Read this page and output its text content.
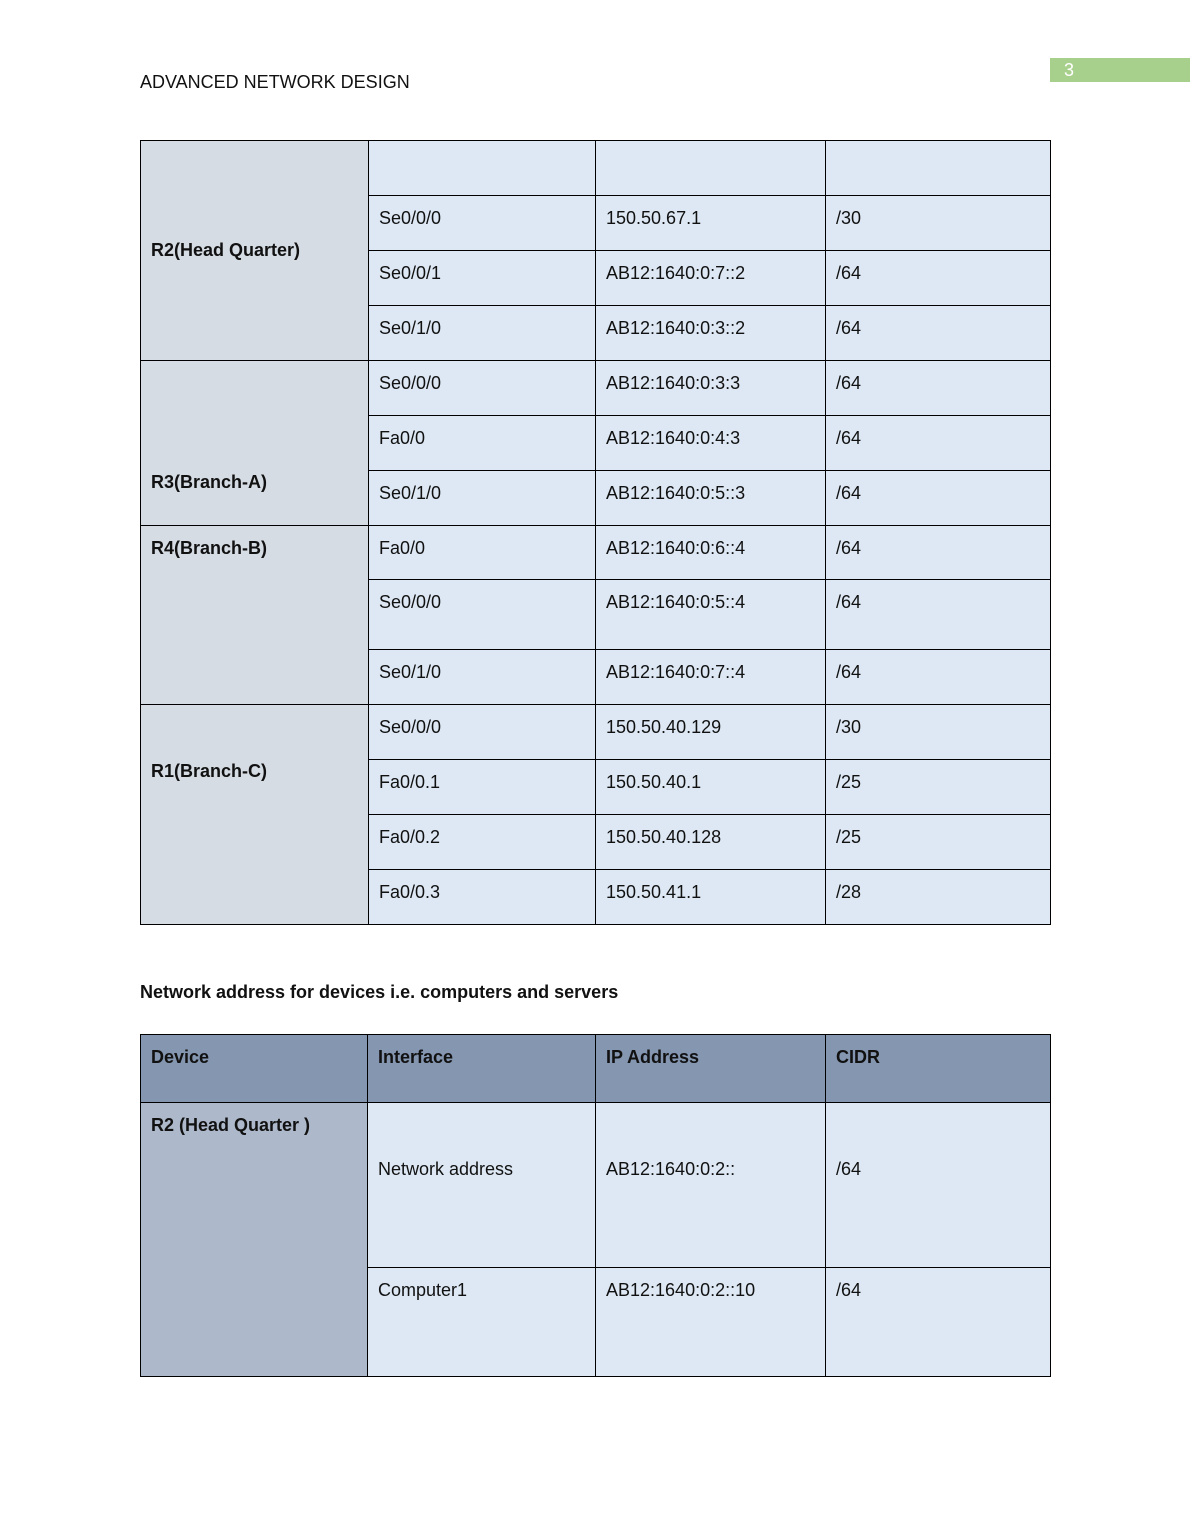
ADVANCED NETWORK DESIGN
3
R2(Head Quarter)			
	Se0/0/0	150.50.67.1	/30
	Se0/0/1	AB12:1640:0:7::2	/64
	Se0/1/0	AB12:1640:0:3::2	/64
R3(Branch-A)	Se0/0/0	AB12:1640:0:3:3	/64
	Fa0/0	AB12:1640:0:4:3	/64
	Se0/1/0	AB12:1640:0:5::3	/64
R4(Branch-B)	Fa0/0	AB12:1640:0:6::4	/64
	Se0/0/0	AB12:1640:0:5::4	/64
	Se0/1/0	AB12:1640:0:7::4	/64
R1(Branch-C)	Se0/0/0	150.50.40.129	/30
	Fa0/0.1	150.50.40.1	/25
	Fa0/0.2	150.50.40.128	/25
	Fa0/0.3	150.50.41.1	/28
Network address for devices i.e. computers and servers
Device	Interface	IP Address	CIDR
R2 (Head Quarter )	Network address	AB12:1640:0:2::	/64
	Computer1	AB12:1640:0:2::10	/64
